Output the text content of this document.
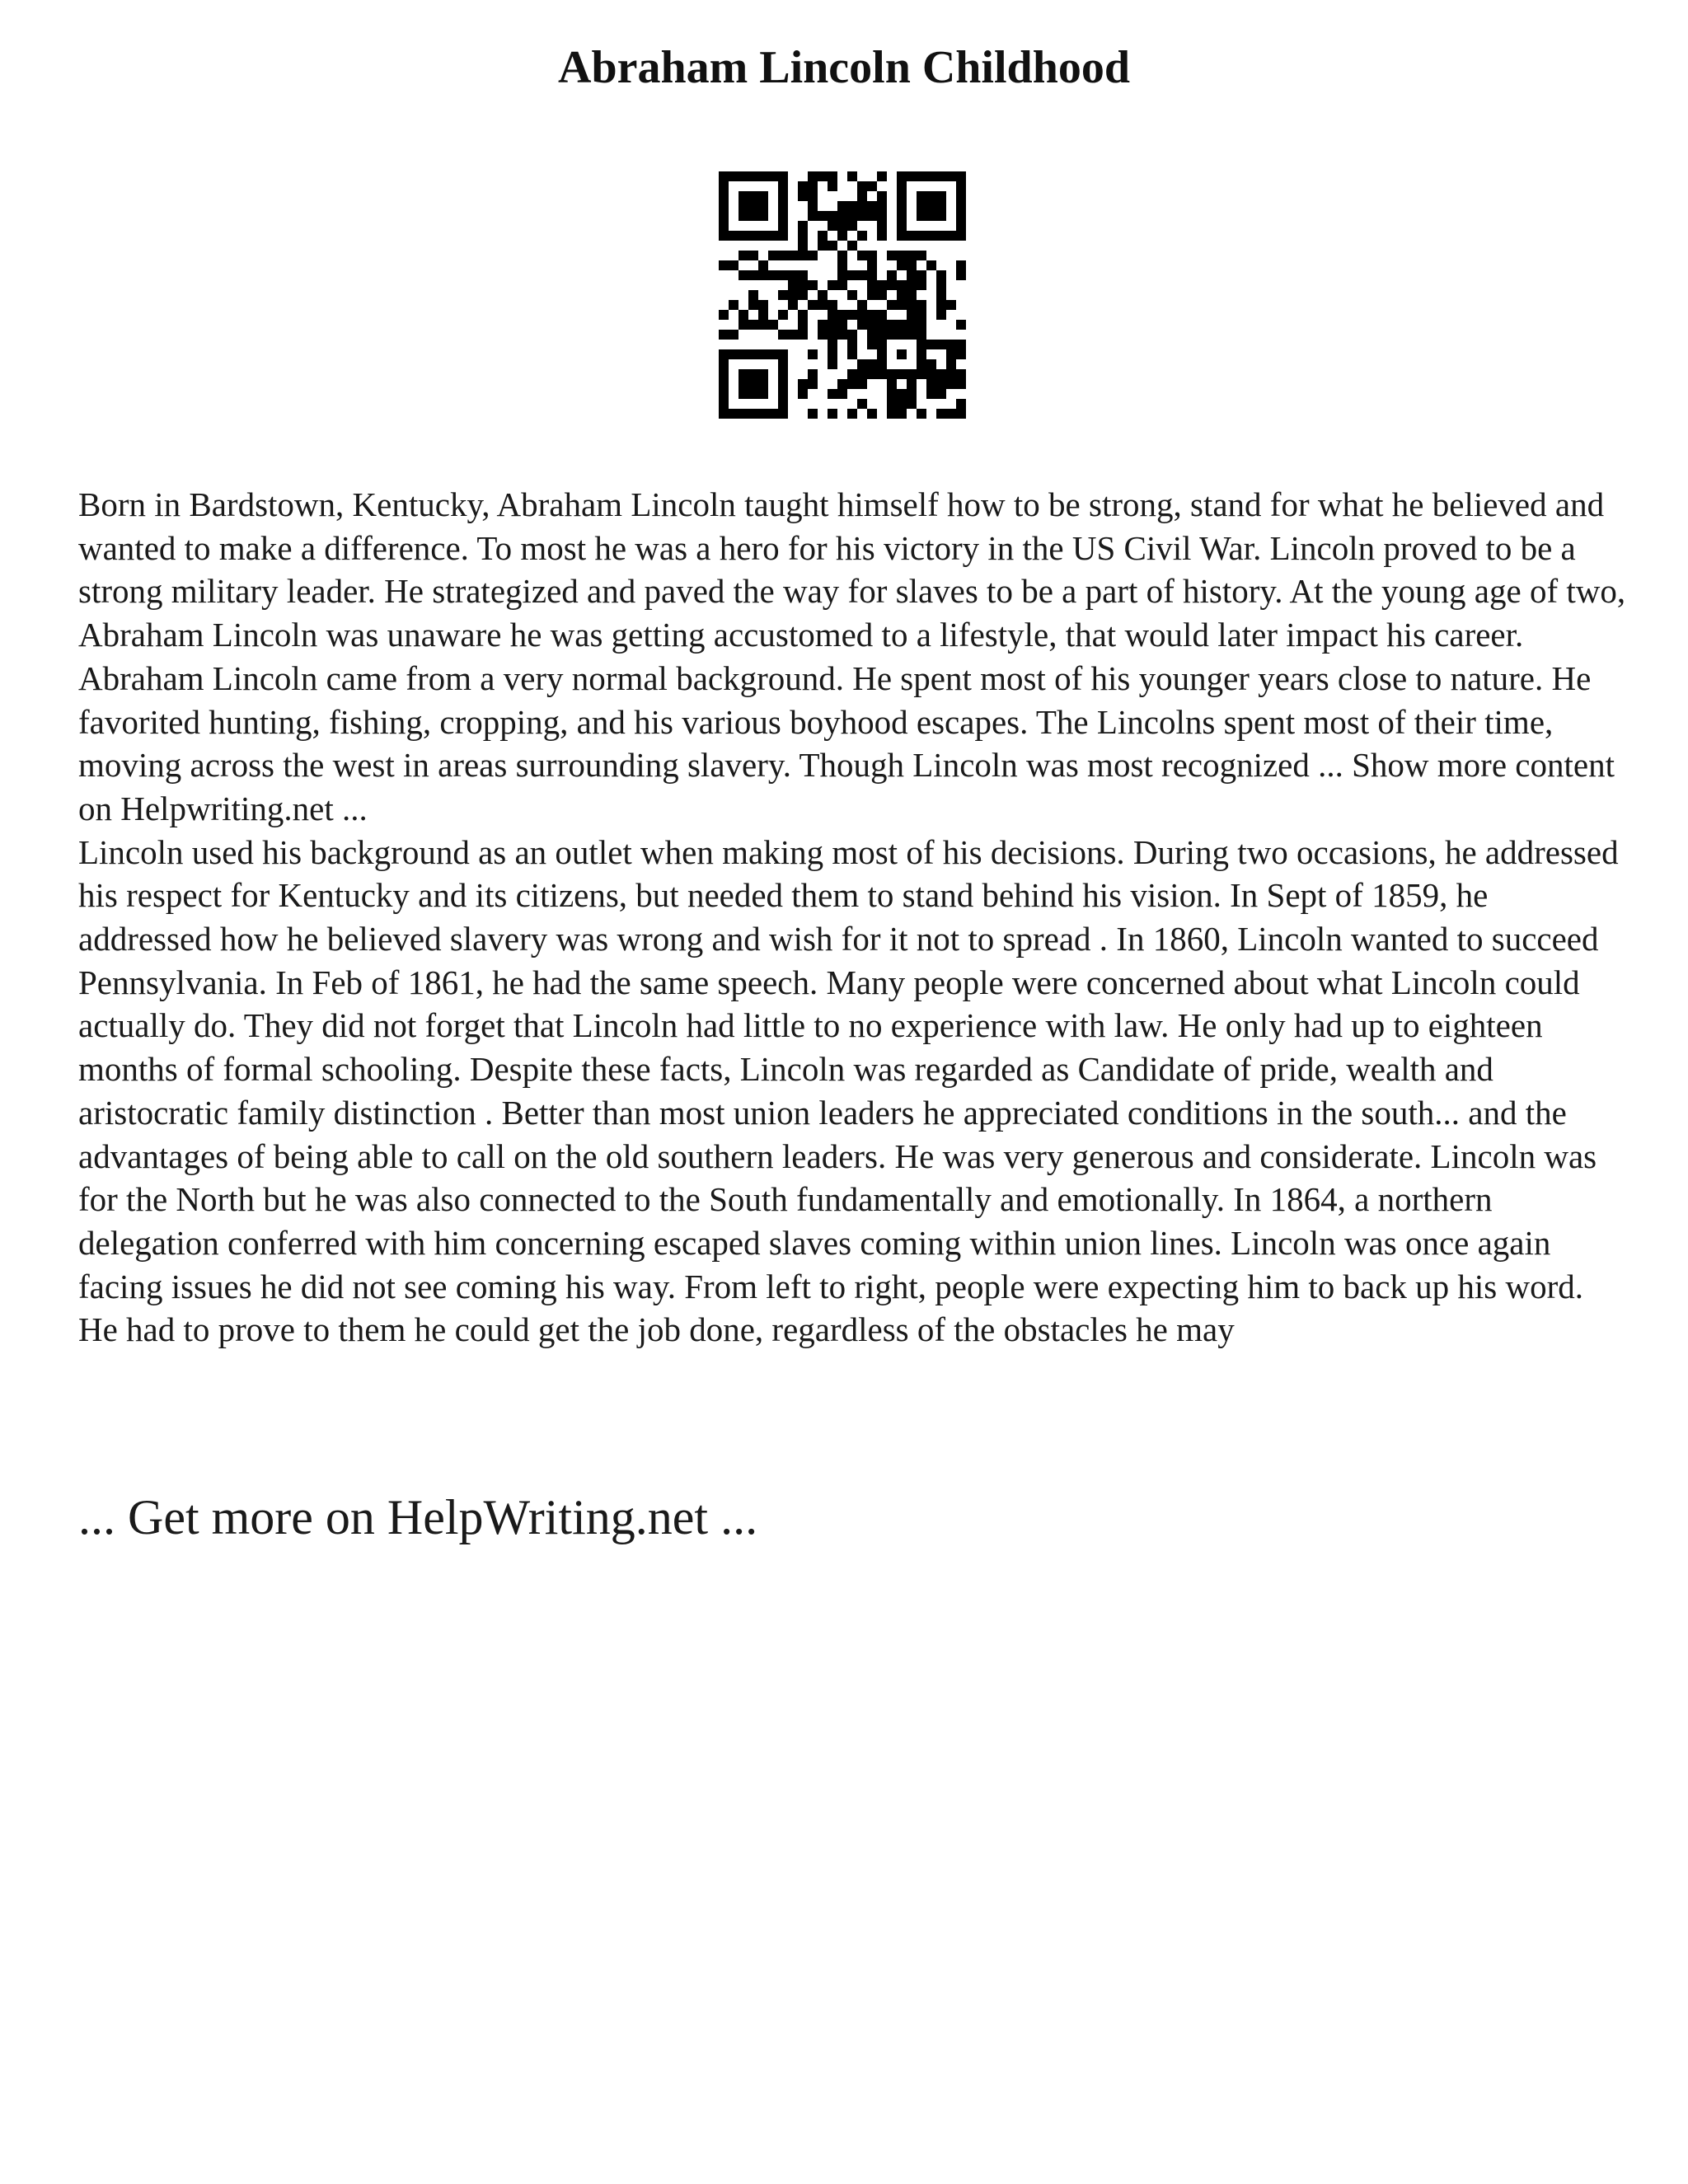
Abraham Lincoln Childhood

Born in Bardstown, Kentucky, Abraham Lincoln taught himself how to be strong, stand for what he believed and wanted to make a difference. To most he was a hero for his victory in the US Civil War. Lincoln proved to be a strong military leader. He strategized and paved the way for slaves to be a part of history. At the young age of two, Abraham Lincoln was unaware he was getting accustomed to a lifestyle, that would later impact his career. Abraham Lincoln came from a very normal background. He spent most of his younger years close to nature. He favorited hunting, fishing, cropping, and his various boyhood escapes. The Lincolns spent most of their time, moving across the west in areas surrounding slavery. Though Lincoln was most recognized ... Show more content on Helpwriting.net ...

Lincoln used his background as an outlet when making most of his decisions. During two occasions, he addressed his respect for Kentucky and its citizens, but needed them to stand behind his vision. In Sept of 1859, he addressed how he believed slavery was wrong and wish for it not to spread . In 1860, Lincoln wanted to succeed Pennsylvania. In Feb of 1861, he had the same speech. Many people were concerned about what Lincoln could actually do. They did not forget that Lincoln had little to no experience with law. He only had up to eighteen months of formal schooling. Despite these facts, Lincoln was regarded as Candidate of pride, wealth and aristocratic family distinction . Better than most union leaders he appreciated conditions in the south... and the advantages of being able to call on the old southern leaders. He was very generous and considerate. Lincoln was for the North but he was also connected to the South fundamentally and emotionally. In 1864, a northern delegation conferred with him concerning escaped slaves coming within union lines. Lincoln was once again facing issues he did not see coming his way. From left to right, people were expecting him to back up his word. He had to prove to them he could get the job done, regardless of the obstacles he may

... Get more on HelpWriting.net ...
